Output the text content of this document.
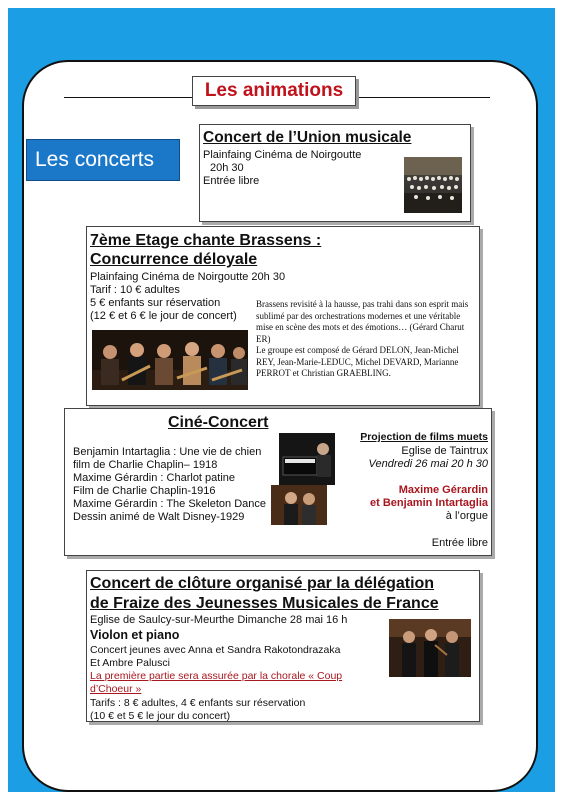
Les animations
Les concerts
Concert de l’Union musicale
Plainfaing Cinéma de Noirgoutte
20h 30
Entrée libre
7ème Etage chante Brassens :
Concurrence déloyale
Plainfaing Cinéma de Noirgoutte 20h 30
Tarif : 10 € adultes
5 € enfants sur réservation
(12 € et 6 € le jour de concert)
Brassens revisité à la hausse, pas trahi dans son esprit mais sublimé par des orchestrations modernes et une véritable mise en scène des mots et des émotions… (Gérard Charut ER)
Le groupe est composé de Gérard DELON, Jean-Michel REY, Jean-Marie-LEDUC, Michel DEVARD, Marianne PERROT et Christian GRAEBLING.
Ciné-Concert
Benjamin Intartaglia : Une vie de chien
film de Charlie Chaplin– 1918
Maxime Gérardin : Charlot patine
Film de Charlie Chaplin-1916
Maxime Gérardin : The Skeleton Dance
Dessin animé de Walt Disney-1929
Projection de films muets
Eglise de Taintrux
Vendredi 26 mai 20 h 30
Maxime Gérardin
et Benjamin Intartaglia
à l’orgue
Entrée libre
Concert de clôture organisé par la délégation
de Fraize des Jeunesses Musicales de France
Eglise de Saulcy-sur-Meurthe Dimanche 28 mai 16 h
Violon et piano
Concert jeunes avec Anna et Sandra Rakotondrazaka
Et Ambre Palusci
La première partie sera assurée par la chorale « Coup
d’Choeur »
Tarifs : 8 € adultes, 4 € enfants sur réservation
(10 € et 5 € le jour du concert)
